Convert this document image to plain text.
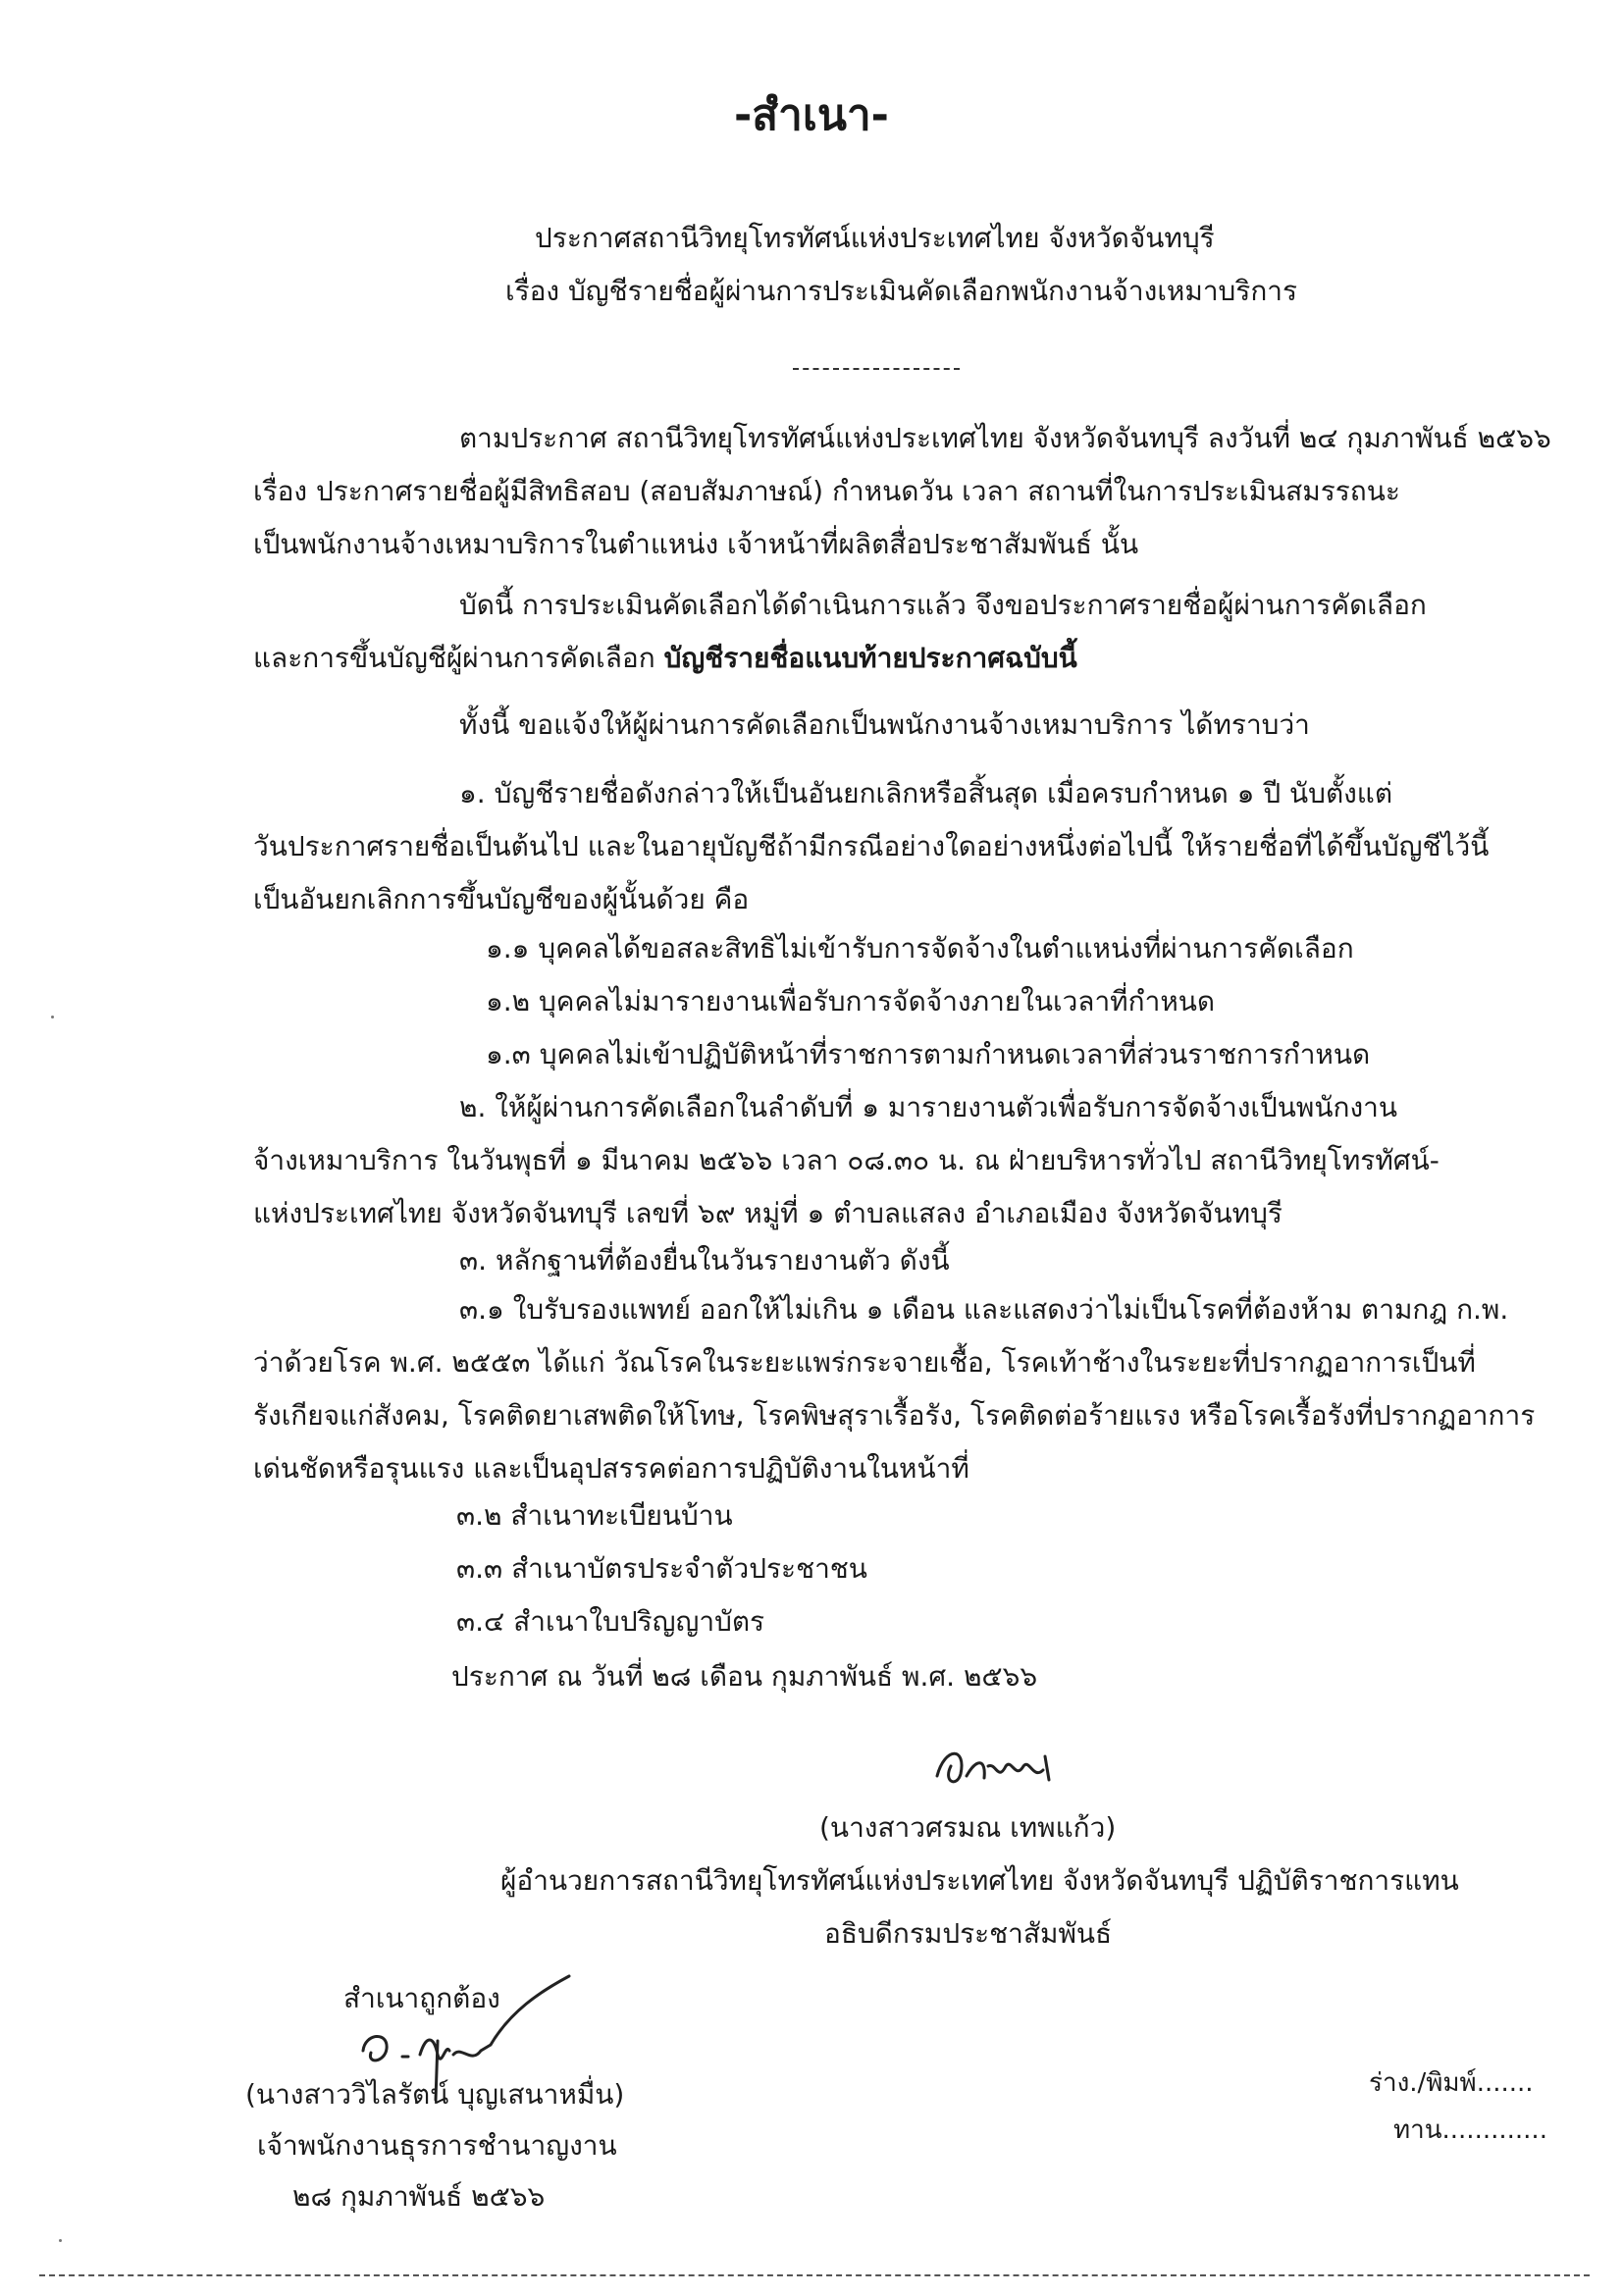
-สำเนา-
ประกาศสถานีวิทยุโทรทัศน์แห่งประเทศไทย จังหวัดจันทบุรี
เรื่อง บัญชีรายชื่อผู้ผ่านการประเมินคัดเลือกพนักงานจ้างเหมาบริการ
ตามประกาศ สถานีวิทยุโทรทัศน์แห่งประเทศไทย จังหวัดจันทบุรี ลงวันที่ ๒๔ กุมภาพันธ์ ๒๕๖๖
เรื่อง ประกาศรายชื่อผู้มีสิทธิสอบ (สอบสัมภาษณ์) กำหนดวัน เวลา สถานที่ในการประเมินสมรรถนะ
เป็นพนักงานจ้างเหมาบริการในตำแหน่ง เจ้าหน้าที่ผลิตสื่อประชาสัมพันธ์ นั้น
บัดนี้ การประเมินคัดเลือกได้ดำเนินการแล้ว จึงขอประกาศรายชื่อผู้ผ่านการคัดเลือก
และการขึ้นบัญชีผู้ผ่านการคัดเลือก บัญชีรายชื่อแนบท้ายประกาศฉบับนี้
ทั้งนี้ ขอแจ้งให้ผู้ผ่านการคัดเลือกเป็นพนักงานจ้างเหมาบริการ ได้ทราบว่า
๑. บัญชีรายชื่อดังกล่าวให้เป็นอันยกเลิกหรือสิ้นสุด เมื่อครบกำหนด ๑ ปี นับตั้งแต่
วันประกาศรายชื่อเป็นต้นไป และในอายุบัญชีถ้ามีกรณีอย่างใดอย่างหนึ่งต่อไปนี้ ให้รายชื่อที่ได้ขึ้นบัญชีไว้นี้
เป็นอันยกเลิกการขึ้นบัญชีของผู้นั้นด้วย คือ
๑.๑ บุคคลได้ขอสละสิทธิไม่เข้ารับการจัดจ้างในตำแหน่งที่ผ่านการคัดเลือก
๑.๒ บุคคลไม่มารายงานเพื่อรับการจัดจ้างภายในเวลาที่กำหนด
๑.๓ บุคคลไม่เข้าปฏิบัติหน้าที่ราชการตามกำหนดเวลาที่ส่วนราชการกำหนด
๒. ให้ผู้ผ่านการคัดเลือกในลำดับที่ ๑ มารายงานตัวเพื่อรับการจัดจ้างเป็นพนักงาน
จ้างเหมาบริการ ในวันพุธที่ ๑ มีนาคม ๒๕๖๖ เวลา ๐๘.๓๐ น. ณ ฝ่ายบริหารทั่วไป สถานีวิทยุโทรทัศน์-
แห่งประเทศไทย จังหวัดจันทบุรี เลขที่ ๖๙ หมู่ที่ ๑ ตำบลแสลง อำเภอเมือง จังหวัดจันทบุรี
๓. หลักฐานที่ต้องยื่นในวันรายงานตัว ดังนี้
๓.๑ ใบรับรองแพทย์ ออกให้ไม่เกิน ๑ เดือน และแสดงว่าไม่เป็นโรคที่ต้องห้าม ตามกฎ ก.พ.
ว่าด้วยโรค พ.ศ. ๒๕๕๓ ได้แก่ วัณโรคในระยะแพร่กระจายเชื้อ, โรคเท้าช้างในระยะที่ปรากฏอาการเป็นที่
รังเกียจแก่สังคม, โรคติดยาเสพติดให้โทษ, โรคพิษสุราเรื้อรัง, โรคติดต่อร้ายแรง หรือโรคเรื้อรังที่ปรากฏอาการ
เด่นชัดหรือรุนแรง และเป็นอุปสรรคต่อการปฏิบัติงานในหน้าที่
๓.๒ สำเนาทะเบียนบ้าน
๓.๓ สำเนาบัตรประจำตัวประชาชน
๓.๔ สำเนาใบปริญญาบัตร
ประกาศ ณ วันที่ ๒๘ เดือน กุมภาพันธ์ พ.ศ. ๒๕๖๖
(นางสาวศรมณ เทพแก้ว)
ผู้อำนวยการสถานีวิทยุโทรทัศน์แห่งประเทศไทย จังหวัดจันทบุรี ปฏิบัติราชการแทน
อธิบดีกรมประชาสัมพันธ์
สำเนาถูกต้อง
(นางสาววิไลรัตน์ บุญเสนาหมื่น)
เจ้าพนักงานธุรการชำนาญงาน
๒๘ กุมภาพันธ์ ๒๕๖๖
ร่าง./พิมพ์.......
ทาน.............
